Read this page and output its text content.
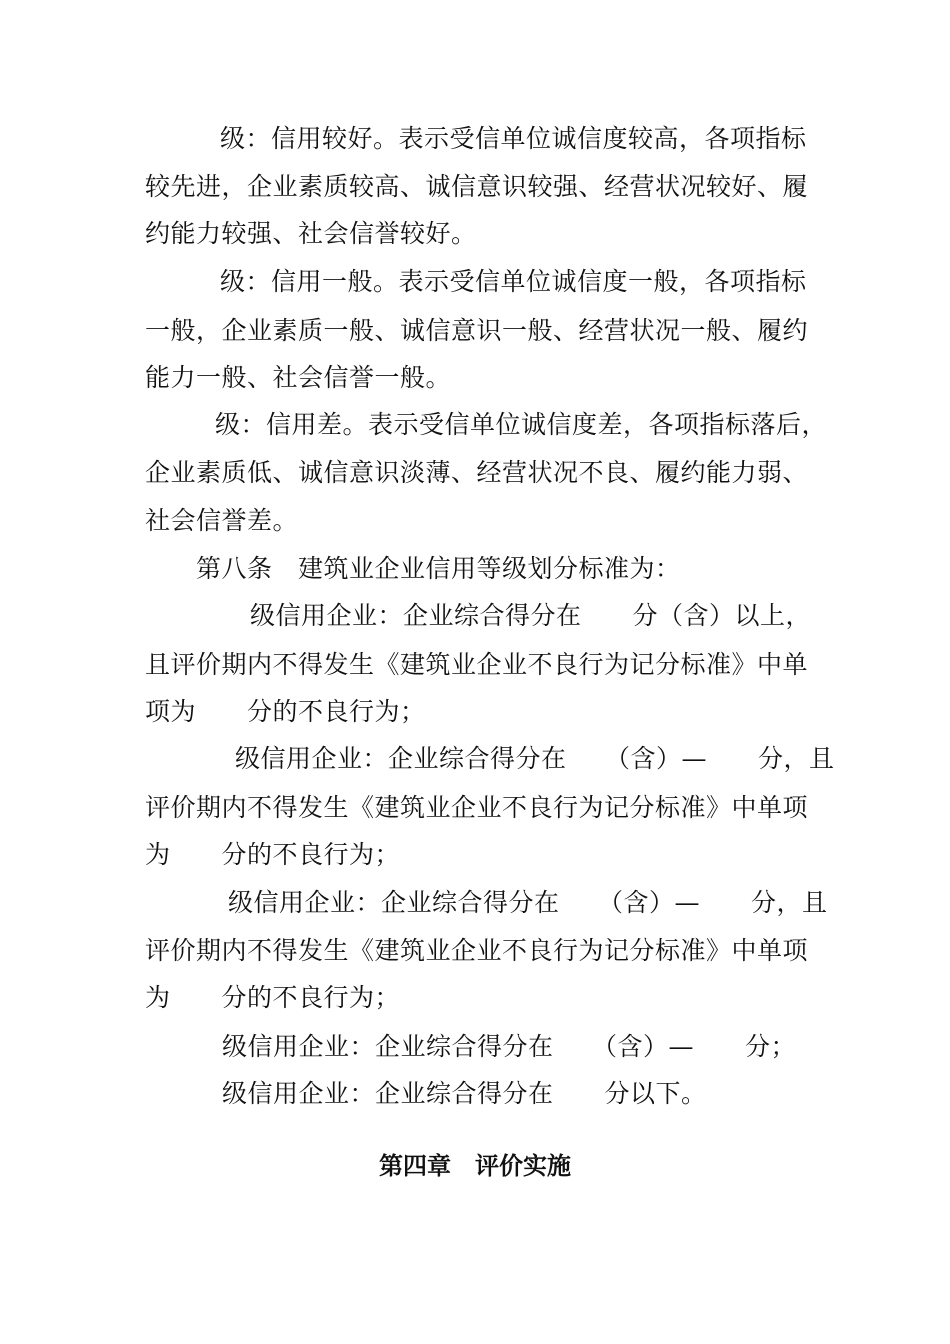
级：信用较好。表示受信单位诚信度较高，各项指标
较先进，企业素质较高、诚信意识较强、经营状况较好、履
约能力较强、社会信誉较好。
级：信用一般。表示受信单位诚信度一般，各项指标
一般，企业素质一般、诚信意识一般、经营状况一般、履约
能力一般、社会信誉一般。
级：信用差。表示受信单位诚信度差，各项指标落后，
企业素质低、诚信意识淡薄、经营状况不良、履约能力弱、
社会信誉差。
第八条　建筑业企业信用等级划分标准为：
级信用企业：企业综合得分在　　分（含）以上，
且评价期内不得发生《建筑业企业不良行为记分标准》中单
项为　　分的不良行为；
级信用企业：企业综合得分在　　（含）—　　分，且
评价期内不得发生《建筑业企业不良行为记分标准》中单项
为　　分的不良行为；
级信用企业：企业综合得分在　　（含）—　　分，且
评价期内不得发生《建筑业企业不良行为记分标准》中单项
为　　分的不良行为；
级信用企业：企业综合得分在　　（含）—　　分；
级信用企业：企业综合得分在　　分以下。
第四章　评价实施
